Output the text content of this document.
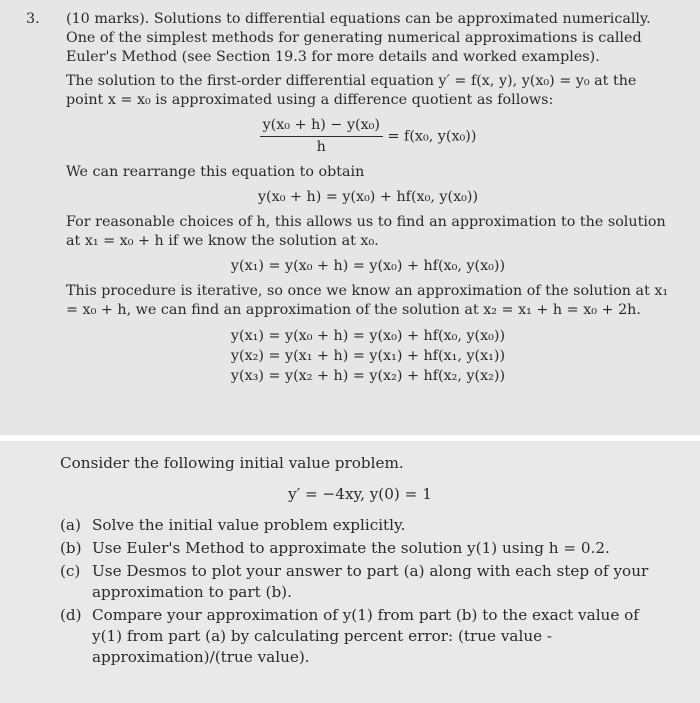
3.	(10 marks). Solutions to differential equations can be approximated numerically. One of the simplest methods for generating numerical approximations is called Euler's Method (see Section 19.3 for more details and worked examples).

The solution to the first-order differential equation y′ = f(x, y), y(x₀) = y₀ at the point x = x₀ is approximated using a difference quotient as follows:

$\frac{\text{y(x₀ + h) − y(x₀)}}{h} = f(x_0$, y(x₀))

We can rearrange this equation to obtain

y(x₀ + h) = y(x₀) + hf(x₀, y(x₀))

For reasonable choices of h, this allows us to find an approximation to the solution at x₁ = x₀ + h if we know the solution at x₀.

y(x₁) = y(x₀ + h) = y(x₀) + hf(x₀, y(x₀))

This procedure is iterative, so once we know an approximation of the solution at x₁ = x₀ + h, we can find an approximation of the solution at x₂ = x₁ + h = x₀ + 2h.

y(x₁) = y(x₀ + h) = y(x₀) + hf(x₀, y(x₀))
y(x₂) = y(x₁ + h) = y(x₁) + hf(x₁, y(x₁))
y(x₃) = y(x₂ + h) = y(x₂) + hf(x₂, y(x₂))

Consider the following initial value problem.

y′ = −4xy, y(0) = 1
(a) Solve the initial value problem explicitly.
(b) Use Euler's Method to approximate the solution y(1) using h = 0.2.
(c) Use Desmos to plot your answer to part (a) along with each step of your approximation to part (b).
(d) Compare your approximation of y(1) from part (b) to the exact value of y(1) from part (a) by calculating percent error: (true value - approximation)/(true value).
